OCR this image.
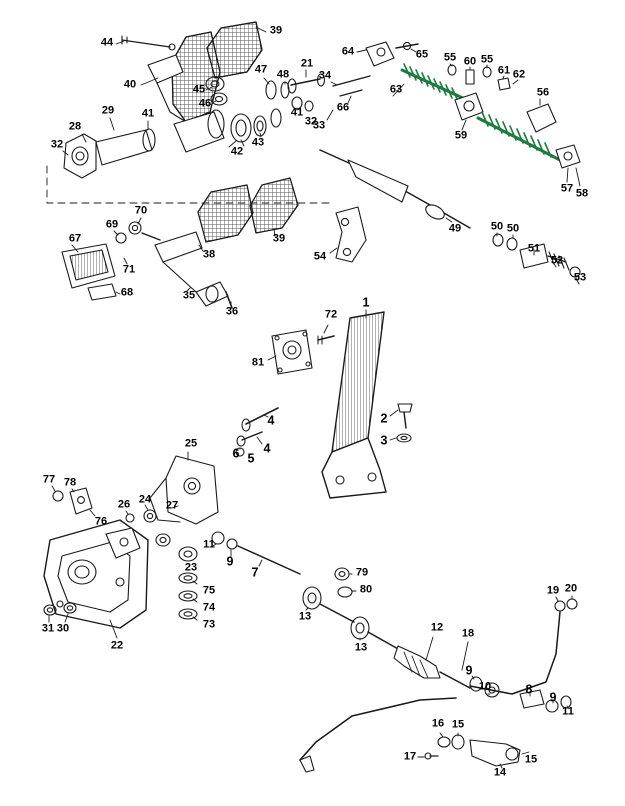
44
39
40	45
46
47 48
21
34
64	65 55 60 55
61 62
56
63
66
33
41
32
43
42
29
28
41
32
59
57 58
70
69
67
71
68
38
35
36
39
54
49	50 50
51
52
53
1
72
81
2
3
25
4
4
6 5
27
77 78
76
26 24
11
9
7
23
75
74
73
79
80
13
13
12 18
19 20
31 30
22
9
10	8
9
11
16 15
17
14
15
